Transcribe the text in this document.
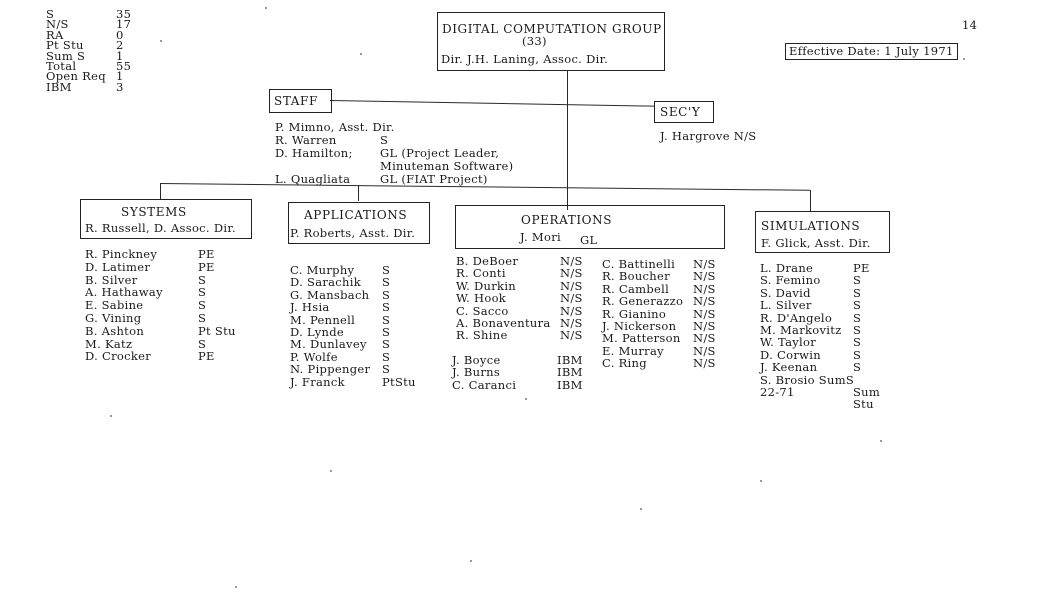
S	35
N/S	17
RA	0
Pt Stu	2
Sum S	1
Total	55
Open Req 1
IBM	3
14
Effective Date: 1 July 1971
DIGITAL COMPUTATION GROUP
(33)
Dir. J.H. Laning, Assoc. Dir.
STAFF
P. Mimno, Asst. Dir.
R. Warren	S
D. Hamilton; GL (Project Leader,
Minuteman Software)
L. Quagliata	GL (FIAT Project)
SEC'Y
J. Hargrove N/S
SYSTEMS
R. Russell, D. Assoc. Dir.
R. Pinckney	PE
D. Latimer	PE
B. Silver	S
A. Hathaway	S
E. Sabine	S
G. Vining	S
B. Ashton	Pt Stu
M. Katz	S
D. Crocker	PE
APPLICATIONS
P. Roberts, Asst. Dir.
C. Murphy S
D. Sarachik S
G. Mansbach S
J. Hsia	S
M. Pennell S
D. Lynde	S
M. Dunlavey S
P. Wolfe	S
N. Pippenger S
J. Franck	PtStu
OPERATIONS
J. Mori GL
B. DeBoer	N/S
R. Conti	N/S
W. Durkin	N/S
W. Hook	N/S
C. Sacco	N/S
A. Bonaventura N/S
R. Shine	N/S
J. Boyce	IBM
J. Burns	IBM
C. Caranci	IBM
C. Battinelli N/S
R. Boucher N/S
R. Cambell N/S
R. Generazzo N/S
R. Gianino N/S
J. Nickerson N/S
M. Patterson N/S
E. Murray	N/S
C. Ring	N/S
SIMULATIONS
F. Glick, Asst. Dir.
L. Drane	PE
S. Femino	S
S. David	S
L. Silver	S
R. D'Angelo S
M. Markovitz S
W. Taylor	S
D. Corwin	S
J. Keenan	S
S. Brosio SumS
22-71	Sum Stu
